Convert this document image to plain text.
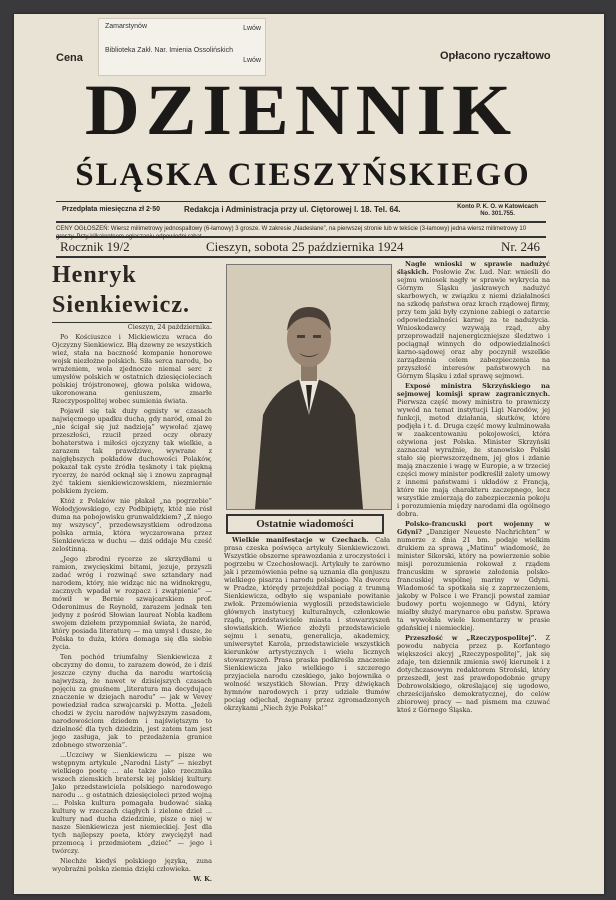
Zamarstynów	Lwów
Biblioteka Zakł. Nar. Imienia Ossolińskich
Lwów
Cena	Opłacono ryczałtowo
DZIENNIK
ŚLĄSKA CIESZYŃSKIEGO
Przedpłata miesięczna zł 2·50	Redakcja i Administracja przy ul. Ciętorowej l. 18. Tel. 64.	Konto P. K. O. w Katowicach
No. 301.755.
CENY OGŁOSZEŃ: Wiersz milimetrowy jednospaltowy (6-łamowy) 3 grosze. W zakresie „Nadesłane”, na pierwszej stronie lub w tekście (3-łamowy) jedna wiersz milimetrowy 10 groszy. Przy kilkakrotnem ogłaszaniu odpowiedni rabat.
Rocznik 19/2	Cieszyn, sobota 25 października 1924	Nr. 246
Henryk Sienkiewicz.
Cieszyn, 24 października.

Po Kościuszce i Mickiewiczu wraca do Ojczyzny Sienkiewicz. Błą dzewny ze wszystkich wież, stała na baczność kompanie honorowe wojsk niezłożne polskich. Siła serca narodu, bo wrażeniem, wola zjednocze niemal serc z umysłów polskich w ostatnich dziesięcioleciach polskiej trójstronowej, głowa polska widowa, ukoronowana geniuszem, zmarłe Rzeczypospolitej wobec sumienia świata.

Pojawił się tak duży ognisty w czasach najwięcmego upadku ducha, gdy naród, omal że „nie ścigał się już nadzieją” wywołać zjawę przeszłości, rzucił przed oczy obrazy bohaterstwa i miłości ojczyzny tak wielkie, a zarazem tak prawdziwe, wywrane z najgłębszych pokładów duchowości Polaków, pokazał tak cyste źródła tęsknoty i tak piękną rycerzy, że naród ocknął się i znowu zapragnął żyć takiem sienkiewiczowskiem, niezmiernie polskiem życiem.

Któż z Polaków nie płakał „na pogrzebie” Wołodyjowskiego, czy Podbipięty, któż nie rósł duma na pobojowisku grunwaldzkiem? „Z niego my wszyscy”, przedewszystkiem odrodzona polska armia, która wyczarowana przez Sienkiewicza w duchu — dziś oddaje Mu cześć zelośtinną.

„Jego zbrodni rycerze ze skrzydłami u ramion, zwycięskimi bitami, jezuje, przyszli zadać wróg i rozwinąć swe sztandary nad narodem, który, nie widząc nic na widnokręgu, zacznych wpadał w rozpacz i zwątpienie” — mówił w Bernie szwajcarskiem prof. Oderonimus de Reynold, zarazem jednak ten jedyny z pośród Słowian laureat Nobla kadłem swojem dziełem przypomniał świata, że naród, który posiada literaturę — ma umysł i dusze, że Polska to duża, która domaga się dla siebie życia.

Ten pochód triumfalny Sienkiewicza z obczyzny do domu, to zarazem dowód, że i dziś jeszcze czyny ducha da narodu wartością najwyższą, że nawet w dzisiejszych czasach pojęciu za gnuśnem „literatura ma decydujące znaczenie w dziejach narodu” — jak w Vevey powiedział radca szwajcarski p. Motta. „Jeżeli chodzi w życiu narodów najwyższym zasadom, narodowościom dziedem i najświętszym to dzielność dla tych dziedzin, jest zatem tam jest jego zasługa, jak to przedażenia granice zdobnego stworzenia”.

...Uczciwy w Sienkiewiczu — pisze we wstępnym artykule „Narodni Listy” — niezbyt wielkiego poetę ... ale także jako rzecznika wszech ziemskich bratersk iej polskiej kultury. Jako przedstawiciela polskiego narodowego narodu ... g ostatnich dziesięcioleci przed wojną ... Polska kultura pomagała budować siaką kulturę w rzeczach ciągłych i zielone dzieł ... kultury nad ducha dziedzinie, pisze o niej w nasze Sienkiewicza jest niemieckiej. Jest dla tych najlepszy poeta, który zwyciężył nad przemocą i przedmiotem „dzieć” — jego i twórczy.

Niechże kiedyś polskiego języka, zuna wyobraźni polska ziemia dzięki człowieka.

W. K.
Ostatnie wiadomości

Wielkie manifestacje w Czechach. Cała prasa czeska poświęca artykuły Sienkiewiczowi. Wszystkie obszerne sprawozdania z uroczystości i pogrzebu w Czechosłowacji. Artykuły te zarówno jak i przemówienia pełne są uznania dla genjuszu wielkiego pisarza i narodu polskiego. Na dworcu w Pradze, którędy przejeżdżał pociąg z trumną Sienkiewicza, odbyło się wspaniałe powitanie zwłok. Przemówienia wygłosili przedstawiciele głównych instytucyj kulturalnych, członkowie rządu, przedstawiciele miasta i stowarzyszeń słowiańskich. Wieńce złożyli przedstawiciele sejmu i senatu, generalicja, akademicy, uniwersytet Karola, przedstawiciele wszystkich kierunków artystycznych i wielu licznych stowarzyszeń. Prasa praska podkreśla znaczenie Sienkiewicza jako wielkiego i szczerego przyjaciela narodu czeskiego, jako bojownika o wolność wszystkich Słowian. Przy dźwiękach hymnów narodowych i przy udziale tłumów pociąg odjechał, żegnany przez zgromadzonych okrzykami „Niech żyje Polska!”

Nagłe wnioski w sprawie nadużyć śląskich. Posłowie Zw. Lud. Nar. wnieśli do sejmu wniosek nagły w sprawie wykrycia na Górnym Śląsku jaskrawych nadużyć skarbowych, w związku z niemi działalności na szkodę państwa oraz krach rządowej firmy, przy tem jaki były czynione zabiegi o zatarcie odpowiedzialności karnej za te nadużycia. Wnioskodawcy wzywają rząd, aby przeprowadził najenergiczniejsze śledztwo i pociągnął winnych do odpowiedzialności karno-sądowej oraz aby poczynił wszelkie zarządzenia celem zabezpieczenia na przyszłość interesów państwowych na Górnym Śląsku i zdał sprawę sejmowi.

Exposé ministra Skrzyńskiego na sejmowej komisji spraw zagranicznych. Pierwsza część mowy ministra to prawniczy wywód na temat instytucji Ligi Narodów, jej funkcji, metod działania, skutków, które podjęła i t. d. Druga część mowy kulminowała w zaakcentowaniu pokojowości, która ożywiona jest Polska. Minister Skrzyński zaznaczał wyraźnie, że stanowisko Polski stało się pierwszorzędnem, jej głos i zdanie mają znaczenie i wagę w Europie, a w trzeciej części mowy minister podkreślił zalety umowy z innemi państwami i układów z Francją, które nie mają charakteru zaczepnego, lecz wszystkie zmierzają do zabezpieczenia pokoju i porozumienia między narodami dla ogólnego dobra.

Polsko-francuski port wojenny w Gdyni? „Danziger Neueste Nachrichten” w numerze z dnia 21 bm. podaje wielkim drukiem za sprawą „Matinu” wiadomość, że minister Sikorski, który na powierzenie sobie misji porozumienia rokował z rządem francuskim w sprawie założenia polsko-francuskiej wspólnej mariny w Gdyni. Wiadomość ta spotkała się z zaprzeczeniem, jakoby w Polsce i we Francji powstał zamiar budowy portu wojennego w Gdyni, który miałby służyć marynarce obu państw. Sprawa ta wywołała wiele komentarzy w prasie gdańskiej i niemieckiej.

Przeszłość w „Rzeczypospolitej”. Z powodu nabycia przez p. Korfantego większości akcyj „Rzeczypospolitej”, jak się zdaje, ten dziennik zmienia swój kierunek i z dotychczasowym redaktorem Stroński, który przeszedł, jest zaś prawdopodobnie grupy Dobrowolskiego, określającej się ugodowo, chrześcijańsko demokratycznej, do celów zbiorowej pracy — nad pismem ma czuwać ktoś z Górnego Śląska.
